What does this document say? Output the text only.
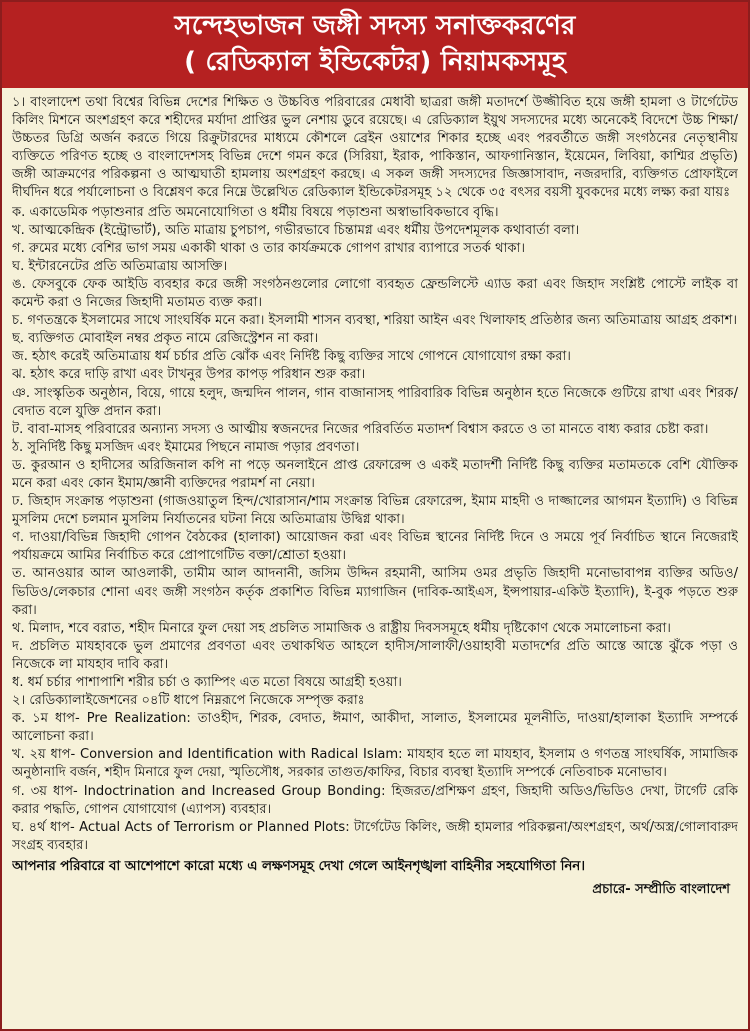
সন্দেহভাজন জঙ্গী সদস্য সনাক্তকরণের
( রেডিক্যাল ইন্ডিকেটর) নিয়ামকসমূহ

১। বাংলাদেশ তথা বিশ্বের বিভিন্ন দেশের শিক্ষিত ও উচ্চবিত্ত পরিবারের মেধাবী ছাত্ররা জঙ্গী মতাদর্শে উজ্জীবিত হয়ে জঙ্গী হামলা ও টার্গেটেড কিলিং মিশনে অংশগ্রহণ করে শহীদের মর্যাদা প্রাপ্তির ভুল নেশায় ডুবে রয়েছে। এ রেডিক্যাল ইয়ুথ সদস্যদের মধ্যে অনেকেই বিদেশে উচ্চ শিক্ষা/ উচ্চতর ডিগ্রি অর্জন করতে গিয়ে রিক্রুটারদের মাধ্যমে কৌশলে ব্রেইন ওয়াশের শিকার হচ্ছে এবং পরবর্তীতে জঙ্গী সংগঠনের নেতৃস্থানীয় ব্যক্তিতে পরিণত হচ্ছে ও বাংলাদেশসহ বিভিন্ন দেশে গমন করে (সিরিয়া, ইরাক, পাকিস্তান, আফগানিস্তান, ইয়েমেন, লিবিয়া, কাশ্মির প্রভৃতি) জঙ্গী আক্রমণের পরিকল্পনা ও আত্মঘাতী হামলায় অংশগ্রহণ করছে। এ সকল জঙ্গী সদস্যদের জিজ্ঞাসাবাদ, নজরদারি, ব্যক্তিগত প্রোফাইলে দীর্ঘদিন ধরে পর্যালোচনা ও বিশ্লেষণ করে নিম্নে উল্লেখিত রেডিক্যাল ইন্ডিকেটরসমূহ ১২ থেকে ৩৫ বৎসর বয়সী যুবকদের মধ্যে লক্ষ্য করা যায়ঃ

ক. একাডেমিক পড়াশুনার প্রতি অমনোযোগিতা ও ধর্মীয় বিষয়ে পড়াশুনা অস্বাভাবিকভাবে বৃদ্ধি।

খ. আত্মকেন্দ্রিক (ইন্ট্রোভার্ট), অতি মাত্রায় চুপচাপ, গভীরভাবে চিন্তামগ্ন এবং ধর্মীয় উপদেশমূলক কথাবার্তা বলা।

গ. রুমের মধ্যে বেশির ভাগ সময় একাকী থাকা ও তার কার্যক্রমকে গোপণ রাখার ব্যাপারে সতর্ক থাকা।

ঘ. ইন্টারনেটের প্রতি অতিমাত্রায় আসক্তি।

ঙ. ফেসবুকে ফেক আইডি ব্যবহার করে জঙ্গী সংগঠনগুলোর লোগো ব্যবহৃত ফ্রেন্ডলিস্টে এ্যাড করা এবং জিহাদ সংশ্লিষ্ট পোস্টে লাইক বা কমেন্ট করা ও নিজের জিহাদী মতামত ব্যক্ত করা।

চ. গণতন্ত্রকে ইসলামের সাথে সাংঘর্ষিক মনে করা। ইসলামী শাসন ব্যবস্থা, শরিয়া আইন এবং খিলাফাহ প্রতিষ্ঠার জন্য অতিমাত্রায় আগ্রহ প্রকাশ।

ছ. ব্যক্তিগত মোবাইল নম্বর প্রকৃত নামে রেজিস্ট্রেশন না করা।

জ. হঠাৎ করেই অতিমাত্রায় ধর্ম চর্চার প্রতি ঝোঁক এবং নির্দিষ্ট কিছু ব্যক্তির সাথে গোপনে যোগাযোগ রক্ষা করা।

ঝ. হঠাৎ করে দাড়ি রাখা এবং টাখনুর উপর কাপড় পরিধান শুরু করা।

ঞ. সাংস্কৃতিক অনুষ্ঠান, বিয়ে, গায়ে হলুদ, জন্মদিন পালন, গান বাজানাসহ পারিবারিক বিভিন্ন অনুষ্ঠান হতে নিজেকে গুটিয়ে রাখা এবং শিরক/বেদাত বলে যুক্তি প্রদান করা।

ট. বাবা-মাসহ পরিবারের অন্যান্য সদস্য ও আত্মীয় স্বজনদের নিজের পরিবর্তিত মতাদর্শ বিশ্বাস করতে ও তা মানতে বাধ্য করার চেষ্টা করা।

ঠ. সুনির্দিষ্ট কিছু মসজিদ এবং ইমামের পিছনে নামাজ পড়ার প্রবণতা।

ড. কুরআন ও হাদীসের অরিজিনাল কপি না পড়ে অনলাইনে প্রাপ্ত রেফারেন্স ও একই মতাদর্শী নির্দিষ্ট কিছু ব্যক্তির মতামতকে বেশি যৌক্তিক মনে করা এবং কোন ইমাম/জ্ঞানী ব্যক্তিদের পরামর্শ না নেয়া।

ঢ. জিহাদ সংক্রান্ত পড়াশুনা (গাজওয়াতুল হিন্দ/খোরাসান/শাম সংক্রান্ত বিভিন্ন রেফারেন্স, ইমাম মাহদী ও দাজ্জালের আগমন ইত্যাদি) ও বিভিন্ন মুসলিম দেশে চলমান মুসলিম নির্যাতনের ঘটনা নিয়ে অতিমাত্রায় উদ্বিগ্ন থাকা।

ণ. দাওয়া/বিভিন্ন জিহাদী গোপন বৈঠকের (হালাকা) আয়োজন করা এবং বিভিন্ন স্থানের নির্দিষ্ট দিনে ও সময়ে পূর্ব নির্বাচিত স্থানে নিজেরাই পর্যায়ক্রমে আমির নির্বাচিত করে প্রোপাগেটিভ বক্তা/শ্রোতা হওয়া।

ত. আনওয়ার আল আওলাকী, তামীম আল আদনানী, জসিম উদ্দিন রহমানী, আসিম ওমর প্রভৃতি জিহাদী মনোভাবাপন্ন ব্যক্তির অডিও/ভিডিও/লেকচার শোনা এবং জঙ্গী সংগঠন কর্তৃক প্রকাশিত বিভিন্ন ম্যাগাজিন (দাবিক-আইএস, ইন্সপায়ার-একিউ ইত্যাদি), ই-বুক পড়তে শুরু করা।

থ. মিলাদ, শবে বরাত, শহীদ মিনারে ফুল দেয়া সহ প্রচলিত সামাজিক ও রাষ্ট্রীয় দিবসসমূহে ধর্মীয় দৃষ্টিকোণ থেকে সমালোচনা করা।

দ. প্রচলিত মাযহাবকে ভুল প্রমাণের প্রবণতা এবং তথাকথিত আহলে হাদীস/সালাফী/ওয়াহাবী মতাদর্শের প্রতি আস্তে আস্তে ঝুঁকে পড়া ও নিজেকে লা মাযহাব দাবি করা।

ধ. ধর্ম চর্চার পাশাপাশি শরীর চর্চা ও ক্যাম্পিং এত মতো বিষয়ে আগ্রহী হওয়া।

২। রেডিক্যালাইজেশনের ০৪টি ধাপে নিম্নরূপে নিজেকে সম্পৃক্ত করাঃ

ক. ১ম ধাপ- Pre Realization: তাওহীদ, শিরক, বেদাত, ঈমাণ, আকীদা, সালাত, ইসলামের মূলনীতি, দাওয়া/হালাকা ইত্যাদি সম্পর্কে আলোচনা করা।

খ. ২য় ধাপ- Conversion and Identification with Radical Islam: মাযহাব হতে লা মাযহাব, ইসলাম ও গণতন্ত্র সাংঘর্ষিক, সামাজিক অনুষ্ঠানাদি বর্জন, শহীদ মিনারে ফুল দেয়া, স্মৃতিসৌধ, সরকার তাগুত/কাফির, বিচার ব্যবস্থা ইত্যাদি সম্পর্কে নেতিবাচক মনোভাব।

গ. ৩য় ধাপ- Indoctrination and Increased Group Bonding: হিজরত/প্রশিক্ষণ গ্রহণ, জিহাদী অডিও/ভিডিও দেখা, টার্গেট রেকি করার পদ্ধতি, গোপন যোগাযোগ (এ্যাপস) ব্যবহার।

ঘ. ৪র্থ ধাপ- Actual Acts of Terrorism or Planned Plots: টার্গেটেড কিলিং, জঙ্গী হামলার পরিকল্পনা/অংশগ্রহণ, অর্থ/অস্ত্র/গোলাবারুদ সংগ্রহ ব্যবহার।

আপনার পরিবারে বা আশেপাশে কারো মধ্যে এ লক্ষণসমূহ দেখা গেলে আইনশৃঙ্খলা বাহিনীর সহযোগিতা নিন।

প্রচারে- সম্প্রীতি বাংলাদেশ
